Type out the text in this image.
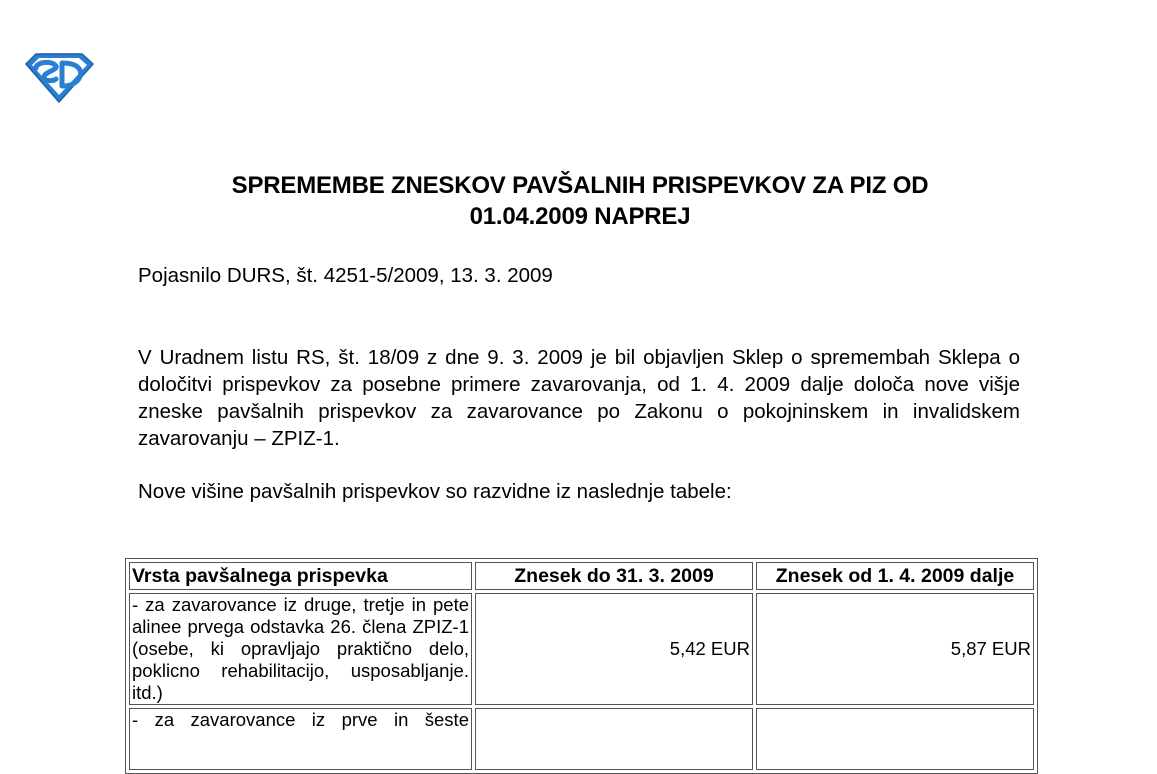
SPREMEMBE ZNESKOV PAVŠALNIH PRISPEVKOV ZA PIZ OD
01.04.2009 NAPREJ
Pojasnilo DURS, št. 4251-5/2009, 13. 3. 2009
V Uradnem listu RS, št. 18/09 z dne 9. 3. 2009 je bil objavljen Sklep o spremembah Sklepa o določitvi prispevkov za posebne primere zavarovanja, od 1. 4. 2009 dalje določa nove višje zneske pavšalnih prispevkov za zavarovance po Zakonu o pokojninskem in invalidskem zavarovanju – ZPIZ-1.
Nove višine pavšalnih prispevkov so razvidne iz naslednje tabele:
Vrsta pavšalnega prispevka	Znesek do 31. 3. 2009	Znesek od 1. 4. 2009 dalje
- za zavarovance iz druge, tretje in pete alinee prvega odstavka 26. člena ZPIZ-1 (osebe, ki opravljajo praktično delo, poklicno rehabilitacijo, usposabljanje. itd.)	5,42 EUR	5,87 EUR
- za zavarovance iz prve in šeste		
